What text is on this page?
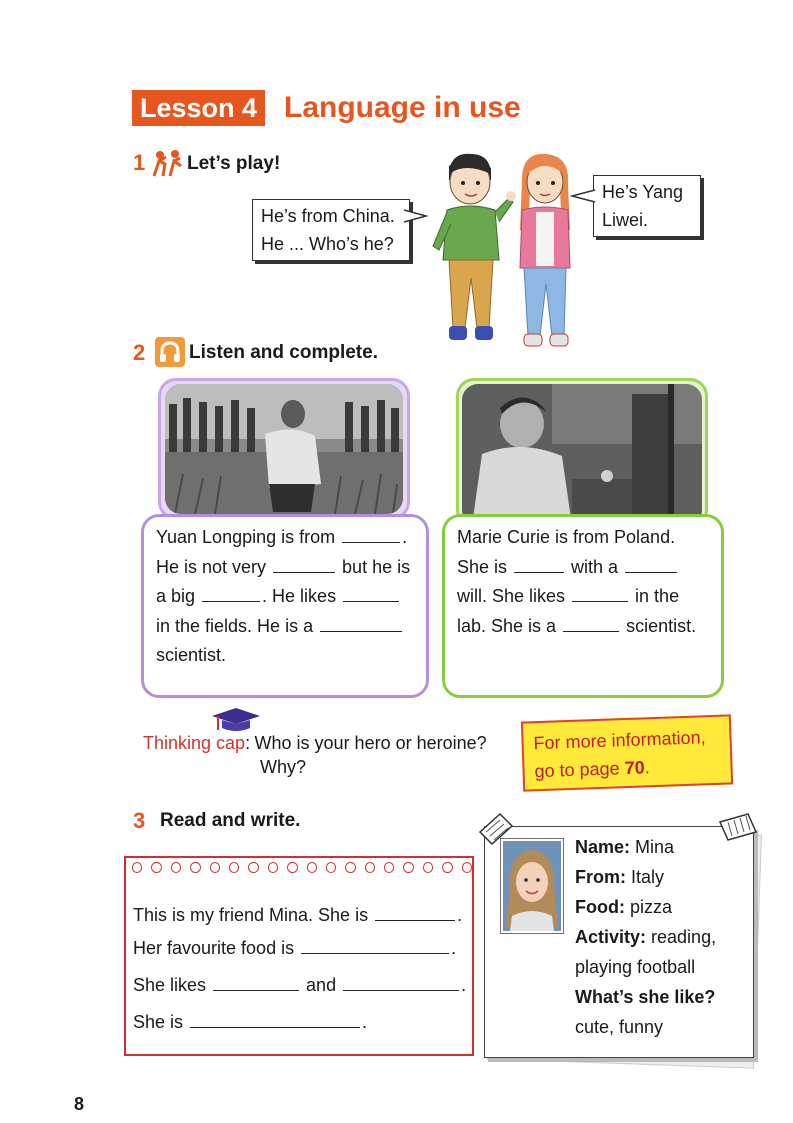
Lesson 4 Language in use
1 Let’s play!
He’s from China.
He ... Who’s he?
He’s Yang
Liwei.
2 Listen and complete.
Yuan Longping is from	.
He is not very	but he is
a big	. He likes
in the fields. He is a
scientist.
Marie Curie is from Poland.
She is	with a
will. She likes	in the
lab. She is a	scientist.
Thinking cap: Who is your hero or heroine?
Why?
For more information,
go to page 70.
3 Read and write.
This is my friend Mina. She is	.
Her favourite food is	.
She likes	and	.
She is	.
Name: Mina
From: Italy
Food: pizza
Activity: reading,
playing football
What’s she like?
cute, funny
8
